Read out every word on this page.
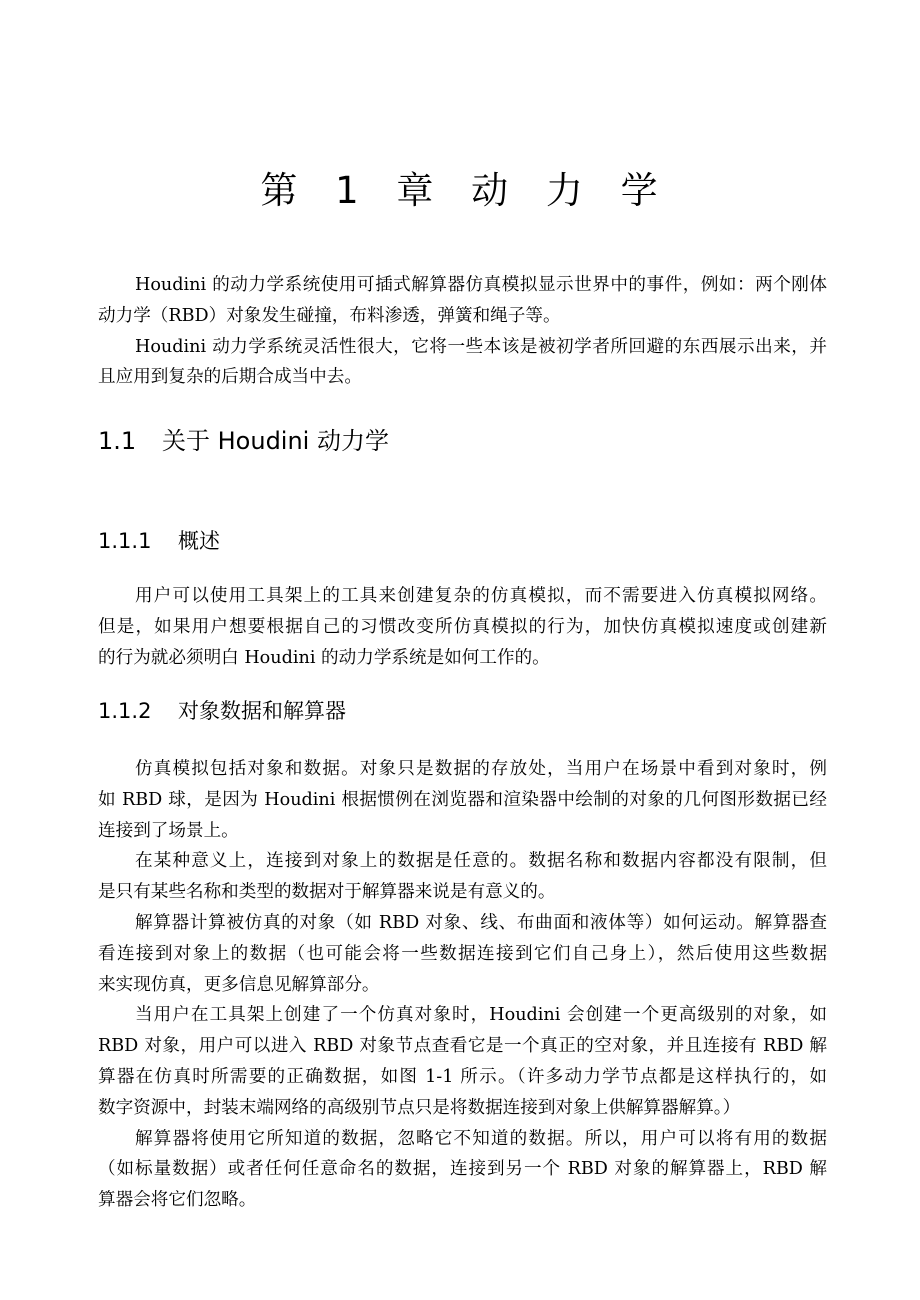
第 1 章 动 力 学
Houdini 的动力学系统使用可插式解算器仿真模拟显示世界中的事件，例如：两个刚体
动力学（RBD）对象发生碰撞，布料渗透，弹簧和绳子等。
Houdini 动力学系统灵活性很大，它将一些本该是被初学者所回避的东西展示出来，并
且应用到复杂的后期合成当中去。
1.1 关于 Houdini 动力学
1.1.1 概述
用户可以使用工具架上的工具来创建复杂的仿真模拟，而不需要进入仿真模拟网络。
但是，如果用户想要根据自己的习惯改变所仿真模拟的行为，加快仿真模拟速度或创建新
的行为就必须明白 Houdini 的动力学系统是如何工作的。
1.1.2 对象数据和解算器
仿真模拟包括对象和数据。对象只是数据的存放处，当用户在场景中看到对象时，例
如 RBD 球，是因为 Houdini 根据惯例在浏览器和渲染器中绘制的对象的几何图形数据已经
连接到了场景上。
在某种意义上，连接到对象上的数据是任意的。数据名称和数据内容都没有限制，但
是只有某些名称和类型的数据对于解算器来说是有意义的。
解算器计算被仿真的对象（如 RBD 对象、线、布曲面和液体等）如何运动。解算器查
看连接到对象上的数据（也可能会将一些数据连接到它们自己身上），然后使用这些数据
来实现仿真，更多信息见解算部分。
当用户在工具架上创建了一个仿真对象时，Houdini 会创建一个更高级别的对象，如
RBD 对象，用户可以进入 RBD 对象节点查看它是一个真正的空对象，并且连接有 RBD 解
算器在仿真时所需要的正确数据，如图 1-1 所示。（许多动力学节点都是这样执行的，如
数字资源中，封装末端网络的高级别节点只是将数据连接到对象上供解算器解算。）
解算器将使用它所知道的数据，忽略它不知道的数据。所以，用户可以将有用的数据
（如标量数据）或者任何任意命名的数据，连接到另一个 RBD 对象的解算器上，RBD 解
算器会将它们忽略。
